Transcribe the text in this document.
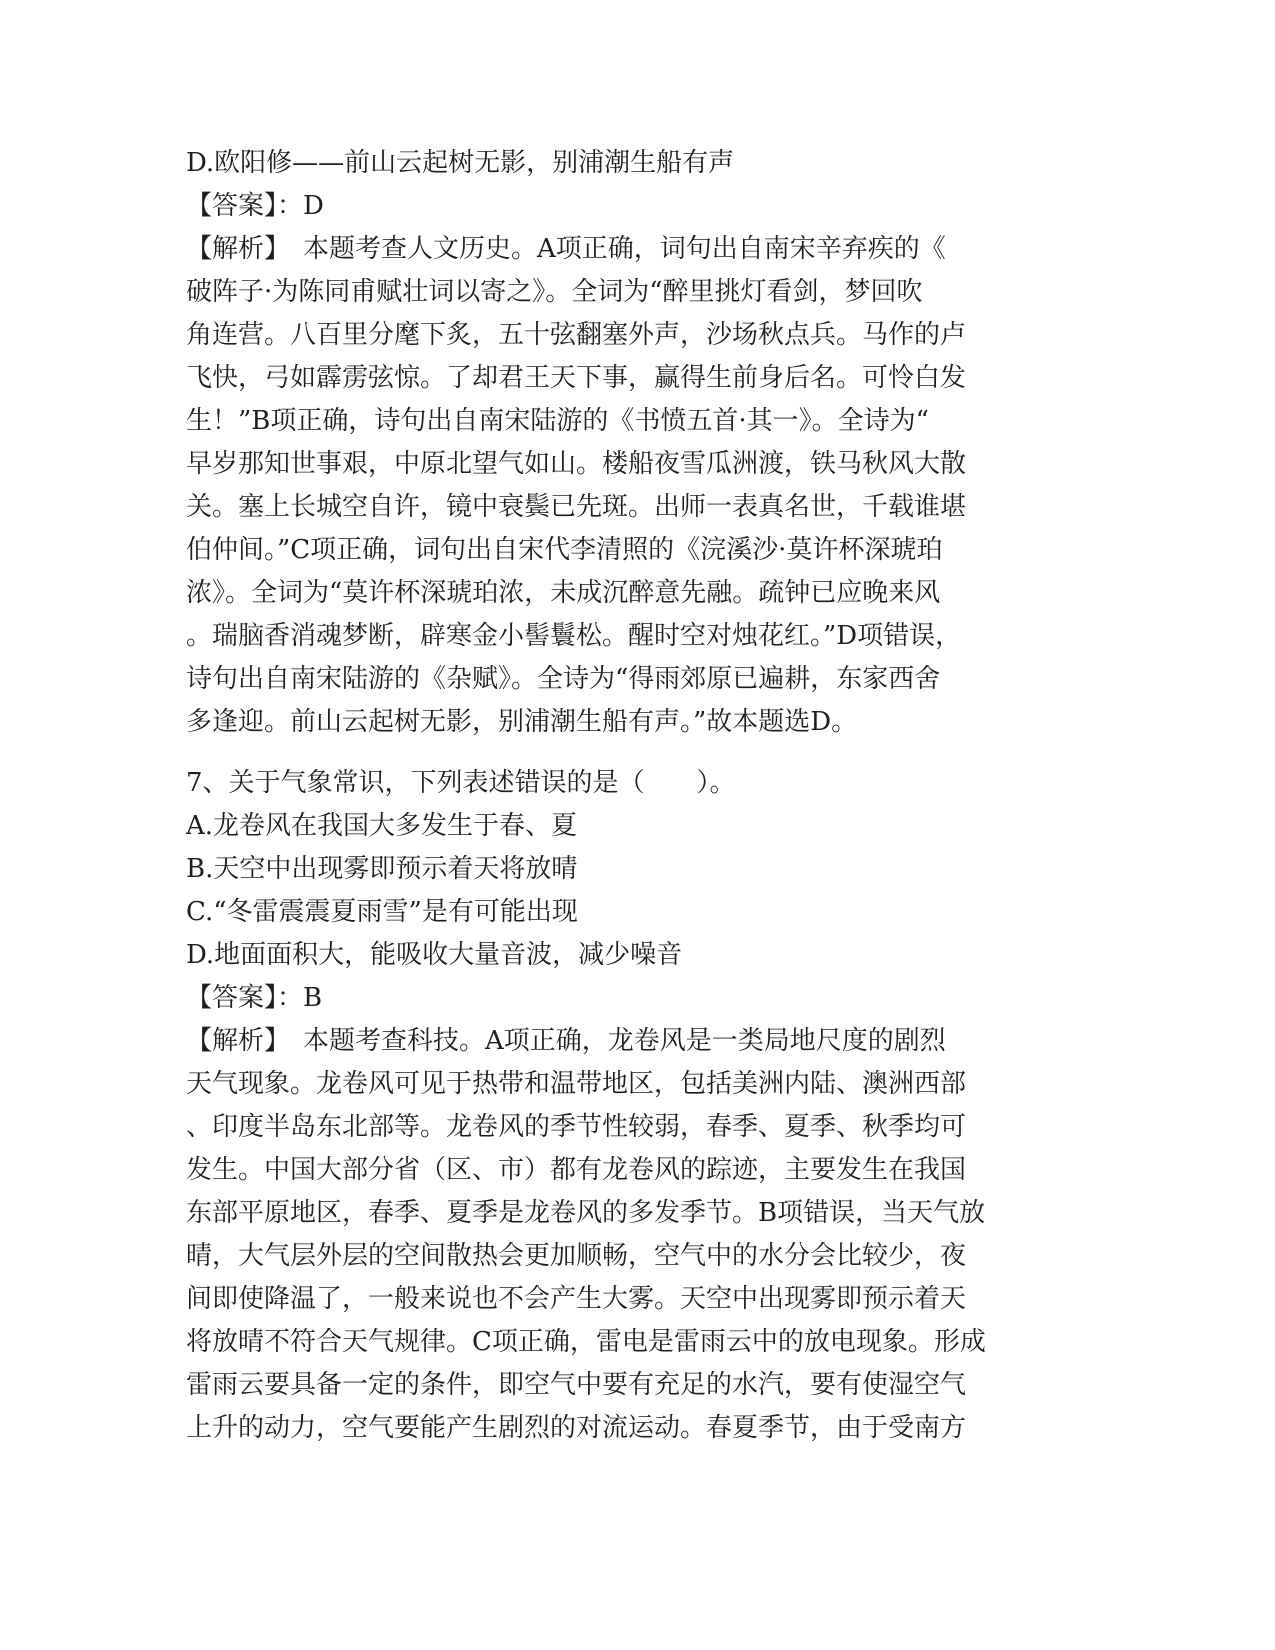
D.欧阳修——前山云起树无影，别浦潮生船有声
【答案】：D
【解析】　本题考查人文历史。A项正确，词句出自南宋辛弃疾的《
破阵子·为陈同甫赋壮词以寄之》。全词为“醉里挑灯看剑，梦回吹
角连营。八百里分麾下炙，五十弦翻塞外声，沙场秋点兵。马作的卢
飞快，弓如霹雳弦惊。了却君王天下事，赢得生前身后名。可怜白发
生！”B项正确，诗句出自南宋陆游的《书愤五首·其一》。全诗为“
早岁那知世事艰，中原北望气如山。楼船夜雪瓜洲渡，铁马秋风大散
关。塞上长城空自许，镜中衰鬓已先斑。出师一表真名世，千载谁堪
伯仲间。”C项正确，词句出自宋代李清照的《浣溪沙·莫许杯深琥珀
浓》。全词为“莫许杯深琥珀浓，未成沉醉意先融。疏钟已应晚来风
。瑞脑香消魂梦断，辟寒金小髻鬟松。醒时空对烛花红。”D项错误，
诗句出自南宋陆游的《杂赋》。全诗为“得雨郊原已遍耕，东家西舍
多逢迎。前山云起树无影，别浦潮生船有声。”故本题选D。
7、关于气象常识，下列表述错误的是（　　）。
A.龙卷风在我国大多发生于春、夏
B.天空中出现雾即预示着天将放晴
C.“冬雷震震夏雨雪”是有可能出现
D.地面面积大，能吸收大量音波，减少噪音
【答案】：B
【解析】　本题考查科技。A项正确，龙卷风是一类局地尺度的剧烈
天气现象。龙卷风可见于热带和温带地区，包括美洲内陆、澳洲西部
、印度半岛东北部等。龙卷风的季节性较弱，春季、夏季、秋季均可
发生。中国大部分省（区、市）都有龙卷风的踪迹，主要发生在我国
东部平原地区，春季、夏季是龙卷风的多发季节。B项错误，当天气放
晴，大气层外层的空间散热会更加顺畅，空气中的水分会比较少，夜
间即使降温了，一般来说也不会产生大雾。天空中出现雾即预示着天
将放晴不符合天气规律。C项正确，雷电是雷雨云中的放电现象。形成
雷雨云要具备一定的条件，即空气中要有充足的水汽，要有使湿空气
上升的动力，空气要能产生剧烈的对流运动。春夏季节，由于受南方
